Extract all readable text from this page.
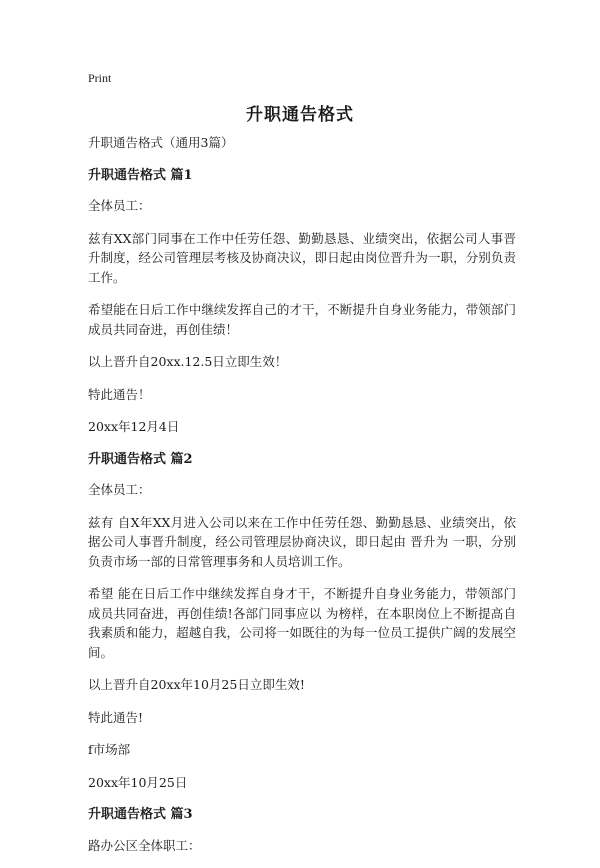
Print
升职通告格式

升职通告格式（通用3篇）

升职通告格式 篇1

全体员工：

兹有XX部门同事在工作中任劳任怨、勤勤恳恳、业绩突出，依据公司人事晋升制度，经公司管理层考核及协商决议，即日起由岗位晋升为一职，分别负责工作。

希望能在日后工作中继续发挥自己的才干，不断提升自身业务能力，带领部门成员共同奋进，再创佳绩！

以上晋升自20xx.12.5日立即生效！

特此通告！

20xx年12月4日

升职通告格式 篇2

全体员工：

兹有 自X年XX月进入公司以来在工作中任劳任怨、勤勤恳恳、业绩突出，依据公司人事晋升制度，经公司管理层协商决议，即日起由 晋升为 一职，分别负责市场一部的日常管理事务和人员培训工作。

希望 能在日后工作中继续发挥自身才干，不断提升自身业务能力，带领部门成员共同奋进，再创佳绩!各部门同事应以 为榜样，在本职岗位上不断提高自我素质和能力，超越自我，公司将一如既往的为每一位员工提供广阔的发展空间。

以上晋升自20xx年10月25日立即生效!

特此通告!

f市场部

20xx年10月25日

升职通告格式 篇3

路办公区全体职工：
